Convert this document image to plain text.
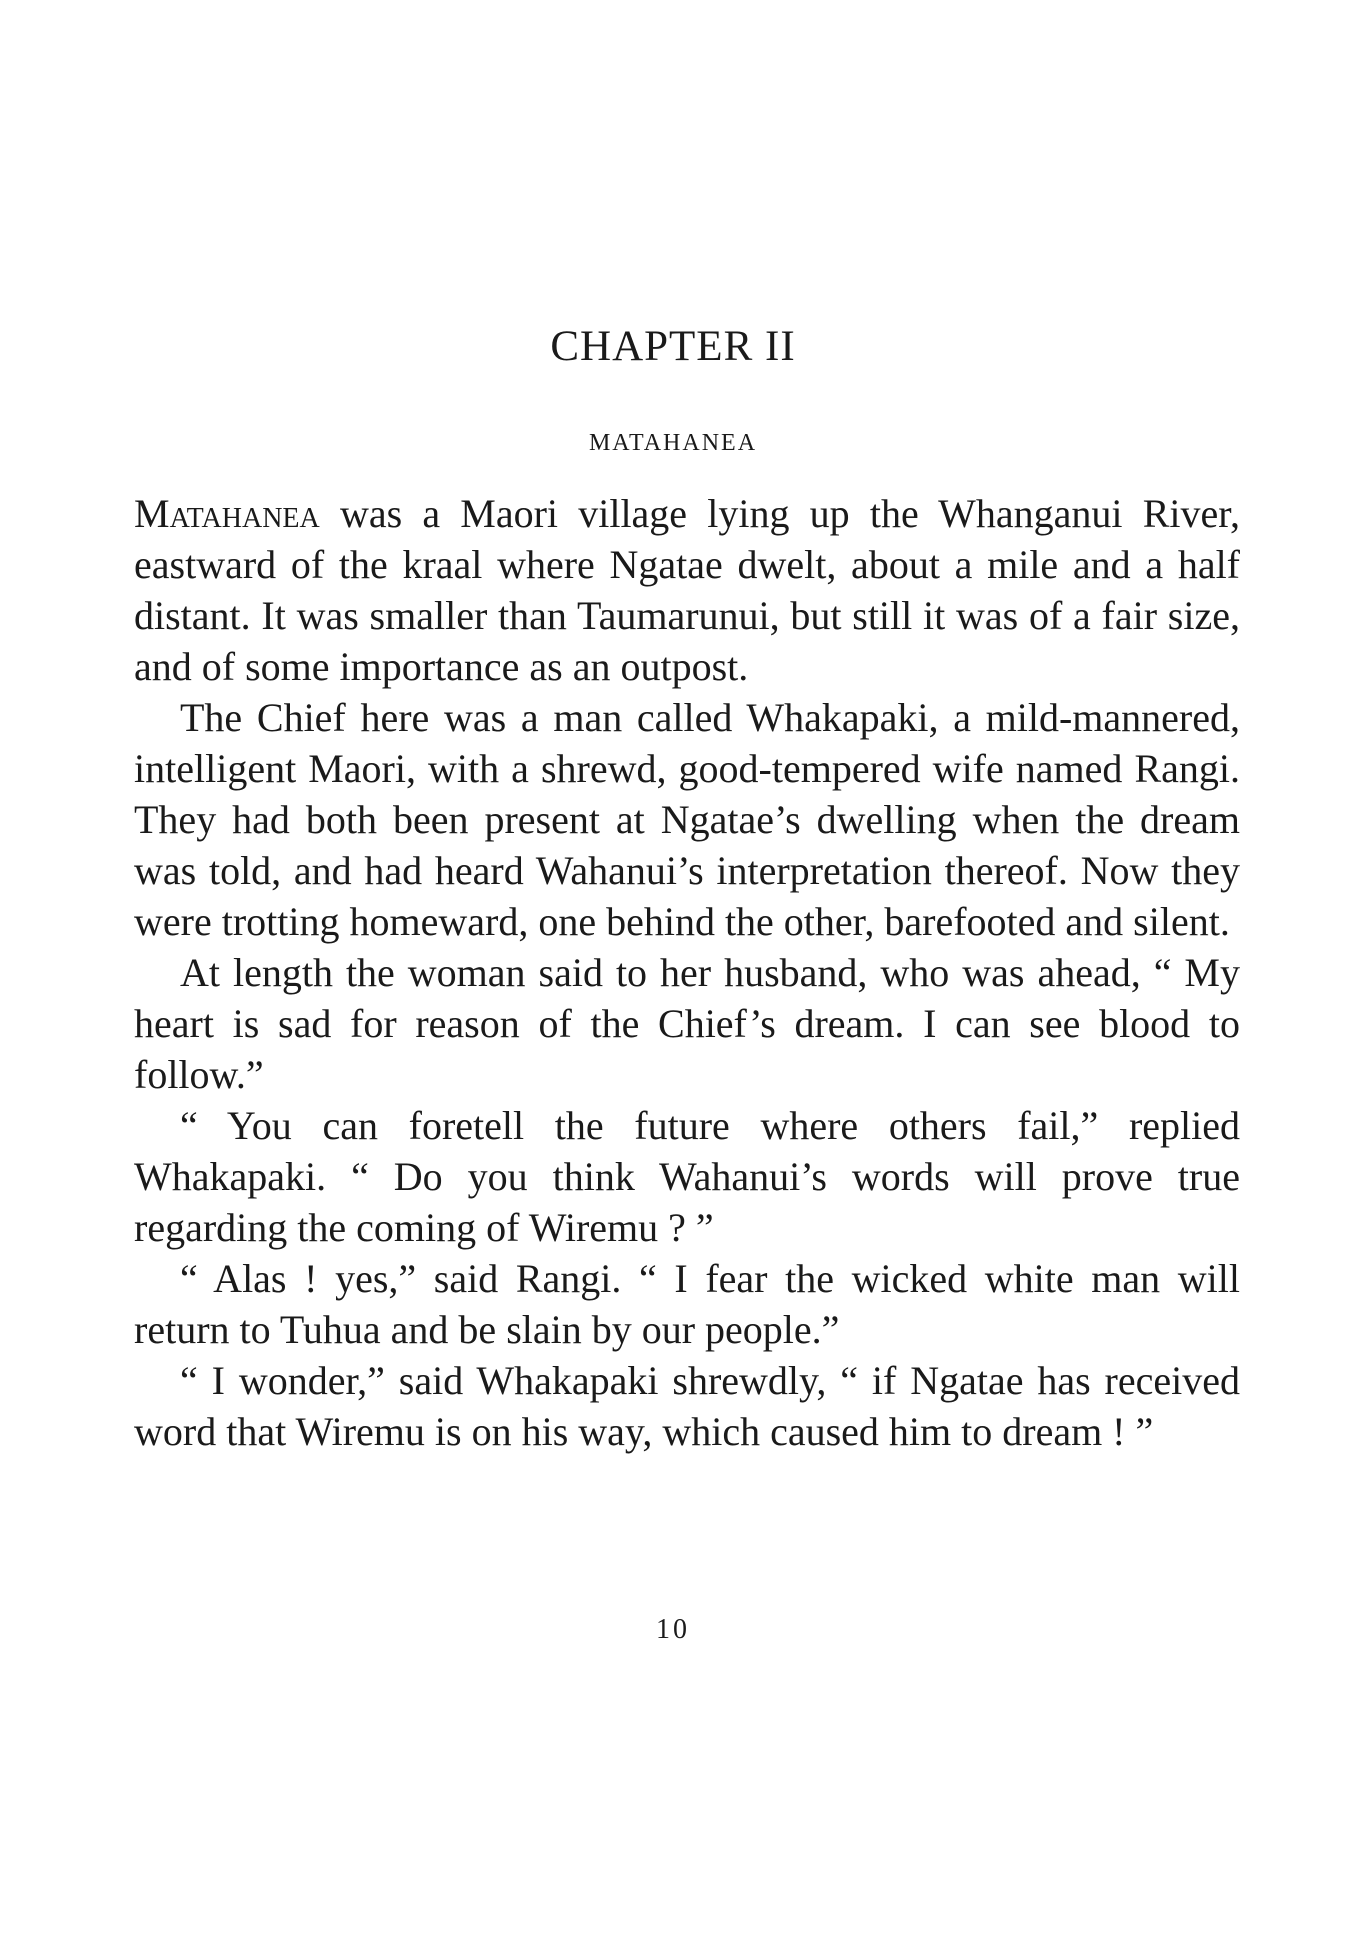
CHAPTER II
MATAHANEA

Matahanea was a Maori village lying up the Whanganui River, eastward of the kraal where Ngatae dwelt, about a mile and a half distant. It was smaller than Taumarunui, but still it was of a fair size, and of some importance as an outpost.

The Chief here was a man called Whakapaki, a mild-mannered, intelligent Maori, with a shrewd, good-tempered wife named Rangi. They had both been present at Ngatae’s dwelling when the dream was told, and had heard Wahanui’s interpretation thereof. Now they were trotting homeward, one behind the other, barefooted and silent.

At length the woman said to her husband, who was ahead, “ My heart is sad for reason of the Chief’s dream. I can see blood to follow.”

“ You can foretell the future where others fail,” replied Whakapaki. “ Do you think Wahanui’s words will prove true regarding the coming of Wiremu ? ”

“ Alas ! yes,” said Rangi. “ I fear the wicked white man will return to Tuhua and be slain by our people.”

“ I wonder,” said Whakapaki shrewdly, “ if Ngatae has received word that Wiremu is on his way, which caused him to dream ! ”

10
